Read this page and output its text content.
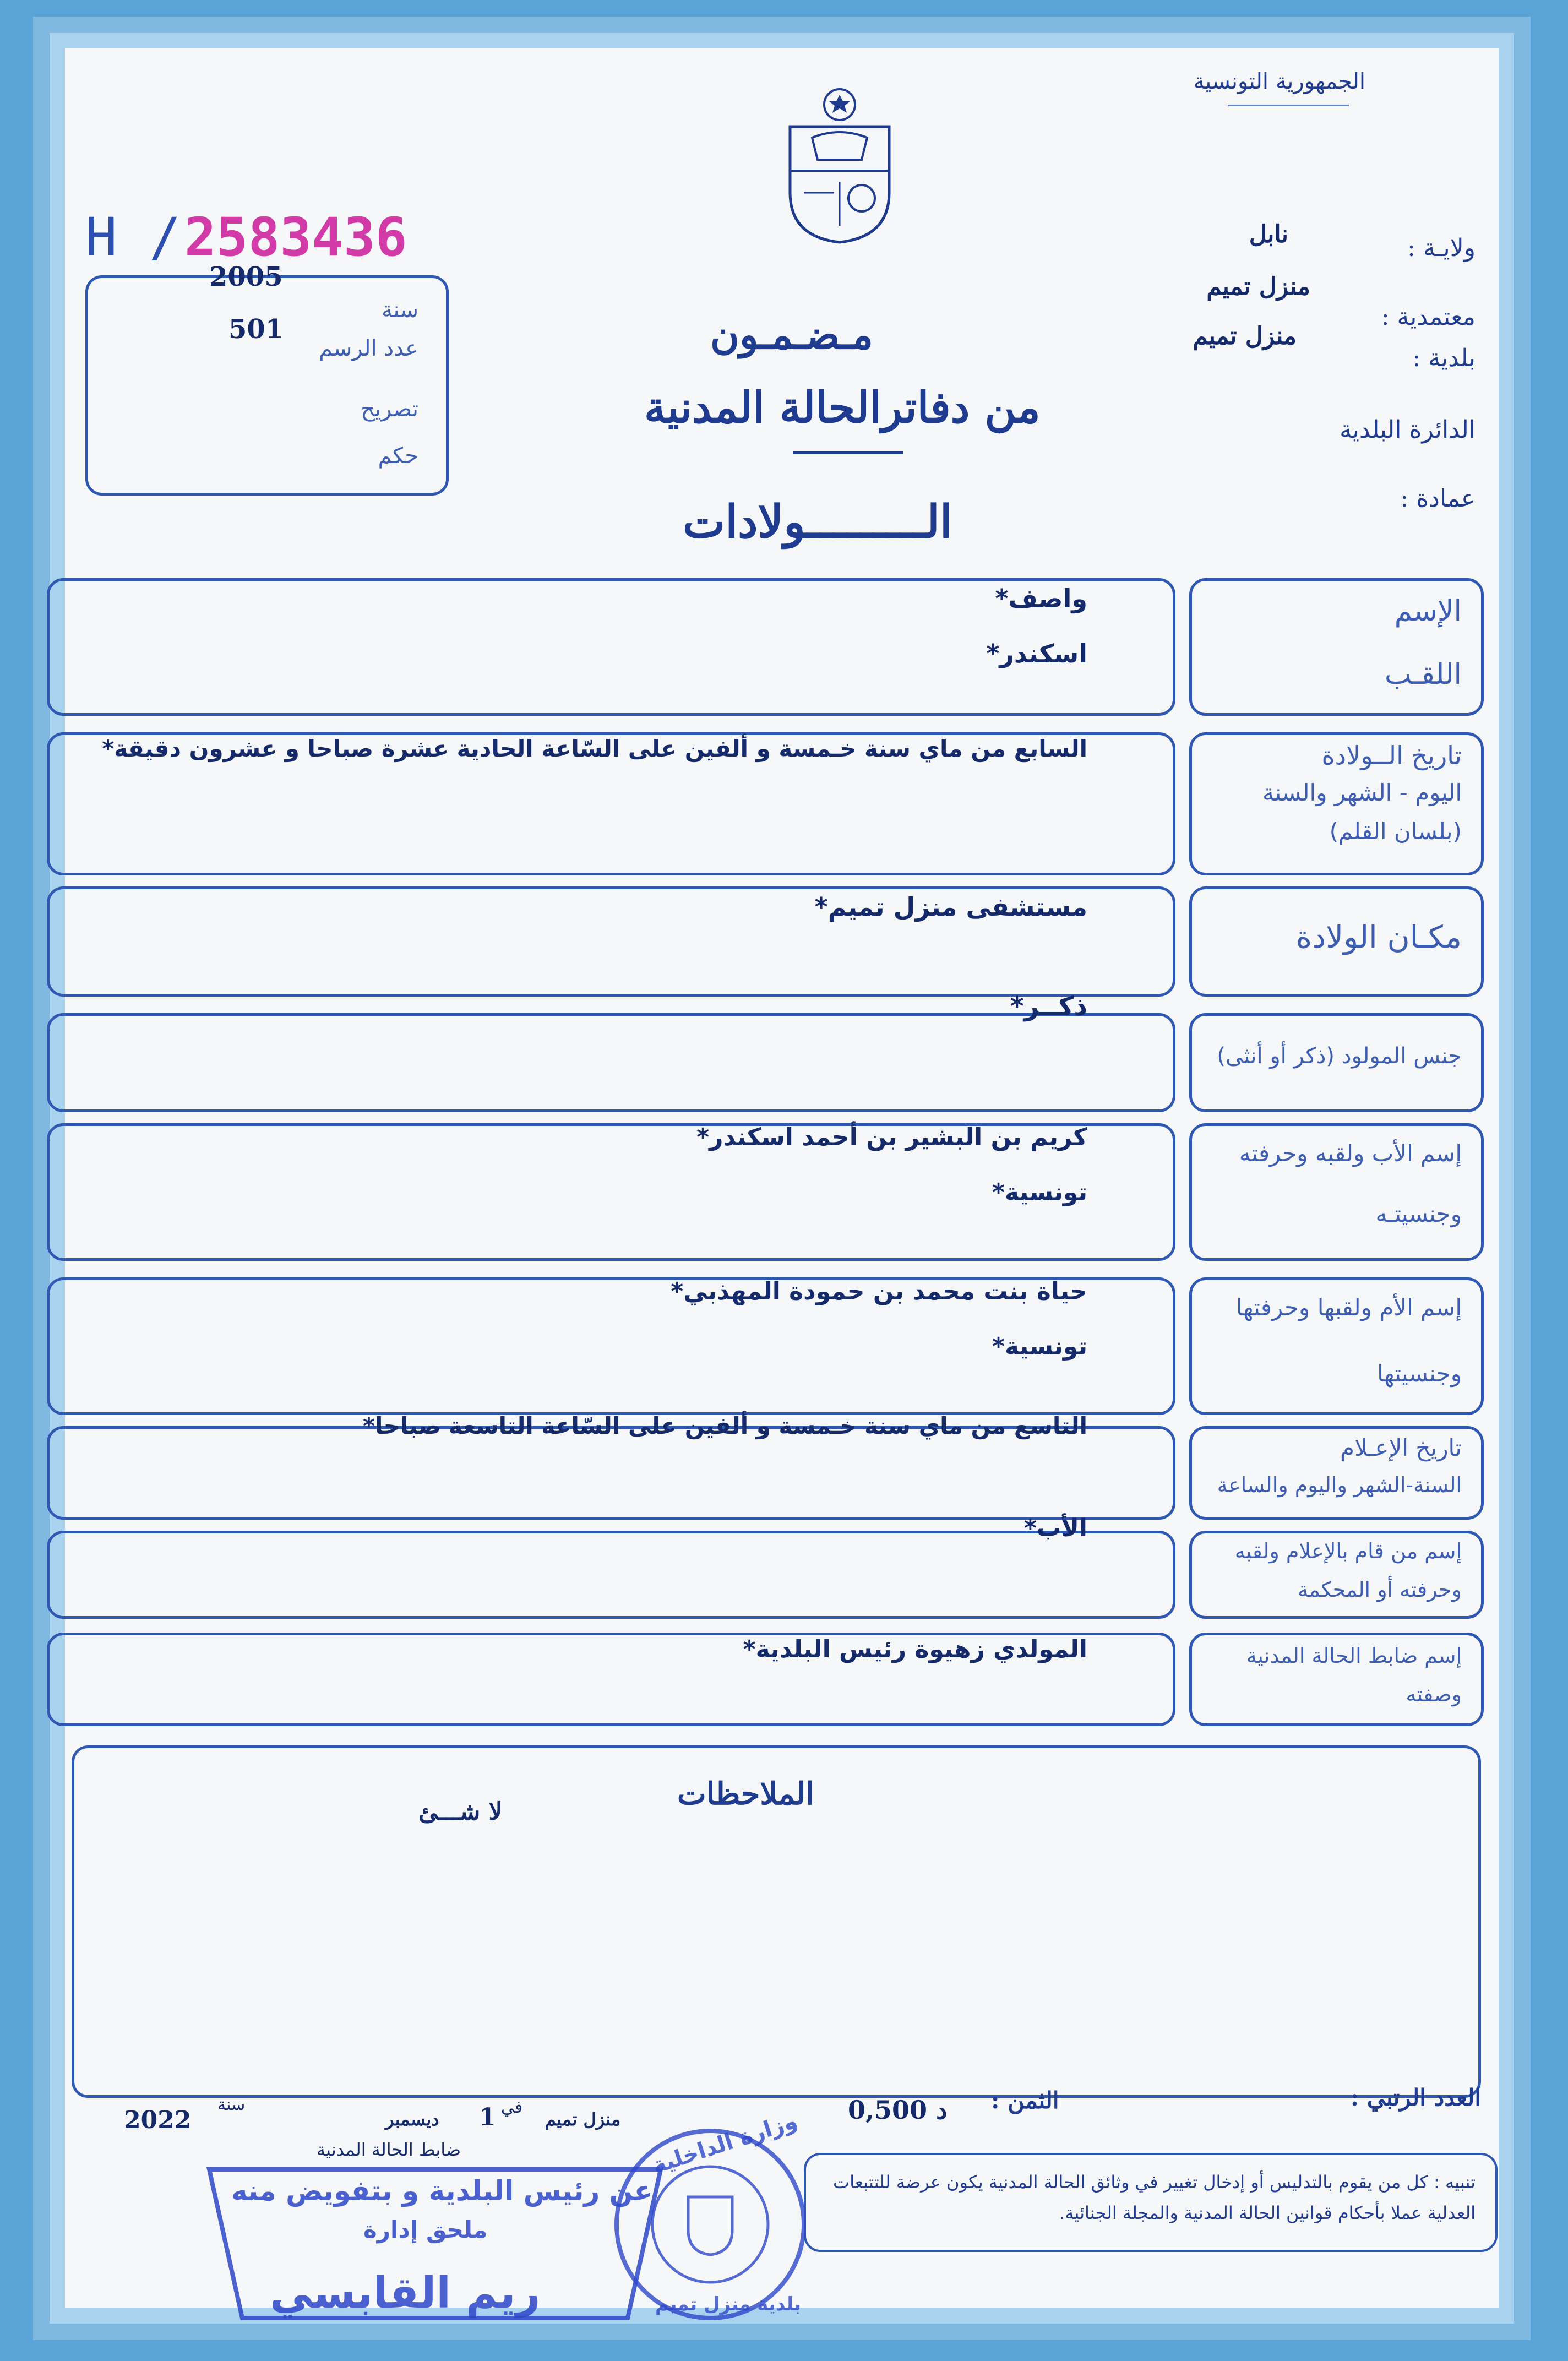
الجمهورية التونسية
ولايـة :
نابل
معتمدية :
منزل تميم
بلدية :
منزل تميم
الدائرة البلدية
عمادة :
H / 2583436
2005
501
سنة
عدد الرسم
تصريح
حكم
مـضـمـون
من دفاترالحالة المدنية
الـــــــــولادات
الإسم
اللقـب
واصف*
اسكندر*
تاريخ الــولادة
اليوم - الشهر والسنة
(بلسان القلم)
السابع من ماي سنة خـمسة و ألفين على السّاعة الحادية عشرة صباحا و عشرون دقيقة*
مكـان الولادة
مستشفى منزل تميم*
جنس المولود (ذكر أو أنثى)
ذكــر*
إسم الأب ولقبه وحرفته
وجنسيتـه
كريم بن البشير بن أحمد اسكندر*
تونسية*
إسم الأم ولقبها وحرفتها
وجنسيتها
حياة بنت محمد بن حمودة المهذبي*
تونسية*
تاريخ الإعـلام
السنة-الشهر واليوم والساعة
التاسع من ماي سنة خـمسة و ألفين على السّاعة التاسعة صباحا*
إسم من قام بالإعلام ولقبه
وحرفته أو المحكمة
الأب*
إسم ضابط الحالة المدنية
وصفته
المولدي زهيوة رئيس البلدية*
الملاحظات
لا شـــئ
العدد الرتبي :
الثمن :
0,500 د
سنة
2022	ديسمبر 1 في
منزل تميم
ضابط الحالة المدنية
تنبيه : كل من يقوم بالتدليس أو إدخال تغيير في وثائق الحالة المدنية يكون عرضة للتتبعات العدلية عملا بأحكام قوانين الحالة المدنية والمجلة الجنائية.
عن رئيس البلدية و بتفويض منه
ملحق إدارة
ريم القابسي
وزارة الداخلية
بلدية منزل تميم
